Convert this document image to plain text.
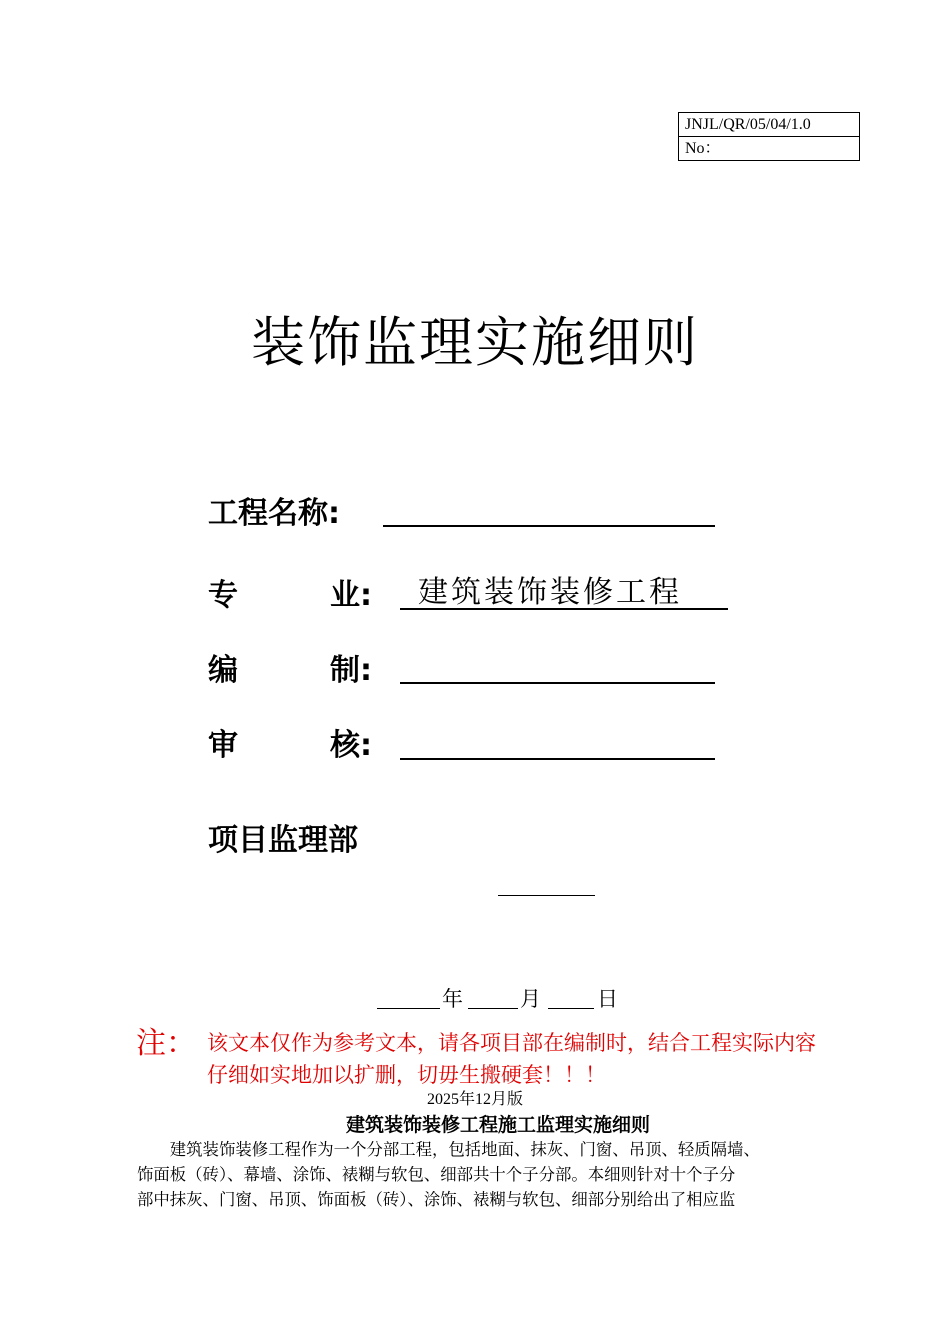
JNJL/QR/05/04/1.0
No：
装饰监理实施细则
工程名称:
专	业: 建筑装饰装修工程
编	制:
审	核:
项目监理部
年	月	日
注： 该文本仅作为参考文本，请各项目部在编制时，结合工程实际内容
仔细如实地加以扩删，切毋生搬硬套！！！
2025年12月版
建筑装饰装修工程施工监理实施细则
　　建筑装饰装修工程作为一个分部工程，包括地面、抹灰、门窗、吊顶、轻质隔墙、
饰面板（砖）、幕墙、涂饰、裱糊与软包、细部共十个子分部。本细则针对十个子分
部中抹灰、门窗、吊顶、饰面板（砖）、涂饰、裱糊与软包、细部分别给出了相应监
